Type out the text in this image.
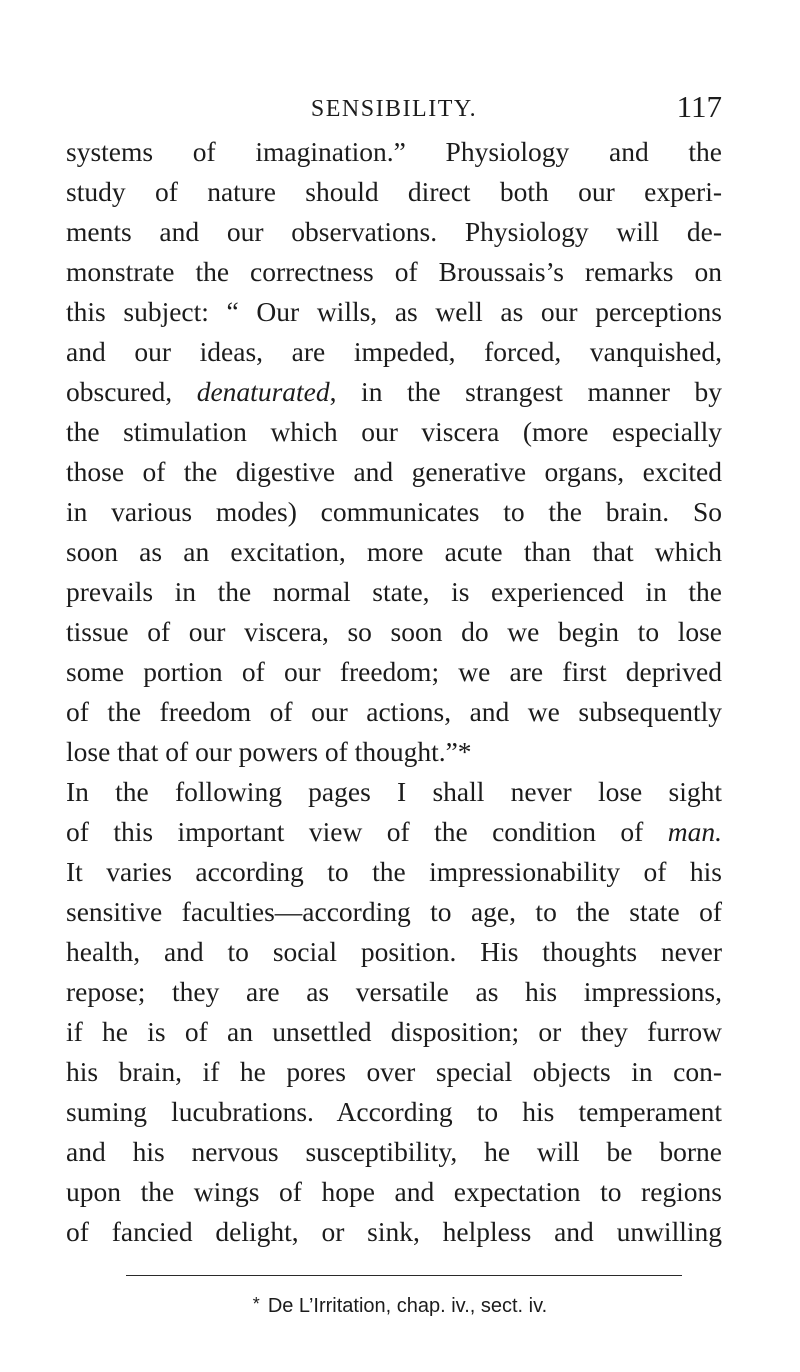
SENSIBILITY.	117
systems of imagination.” Physiology and the
study of nature should direct both our experi-
ments and our observations. Physiology will de-
monstrate the correctness of Broussais’s remarks on
this subject: “ Our wills, as well as our perceptions
and our ideas, are impeded, forced, vanquished,
obscured, denaturated, in the strangest manner by
the stimulation which our viscera (more especially
those of the digestive and generative organs, excited
in various modes) communicates to the brain. So
soon as an excitation, more acute than that which
prevails in the normal state, is experienced in the
tissue of our viscera, so soon do we begin to lose
some portion of our freedom; we are first deprived
of the freedom of our actions, and we subsequently
lose that of our powers of thought.”*
In the following pages I shall never lose sight
of this important view of the condition of man.
It varies according to the impressionability of his
sensitive faculties—according to age, to the state of
health, and to social position. His thoughts never
repose; they are as versatile as his impressions,
if he is of an unsettled disposition; or they furrow
his brain, if he pores over special objects in con-
suming lucubrations. According to his temperament
and his nervous susceptibility, he will be borne
upon the wings of hope and expectation to regions
of fancied delight, or sink, helpless and unwilling
* De L’Irritation, chap. iv., sect. iv.
